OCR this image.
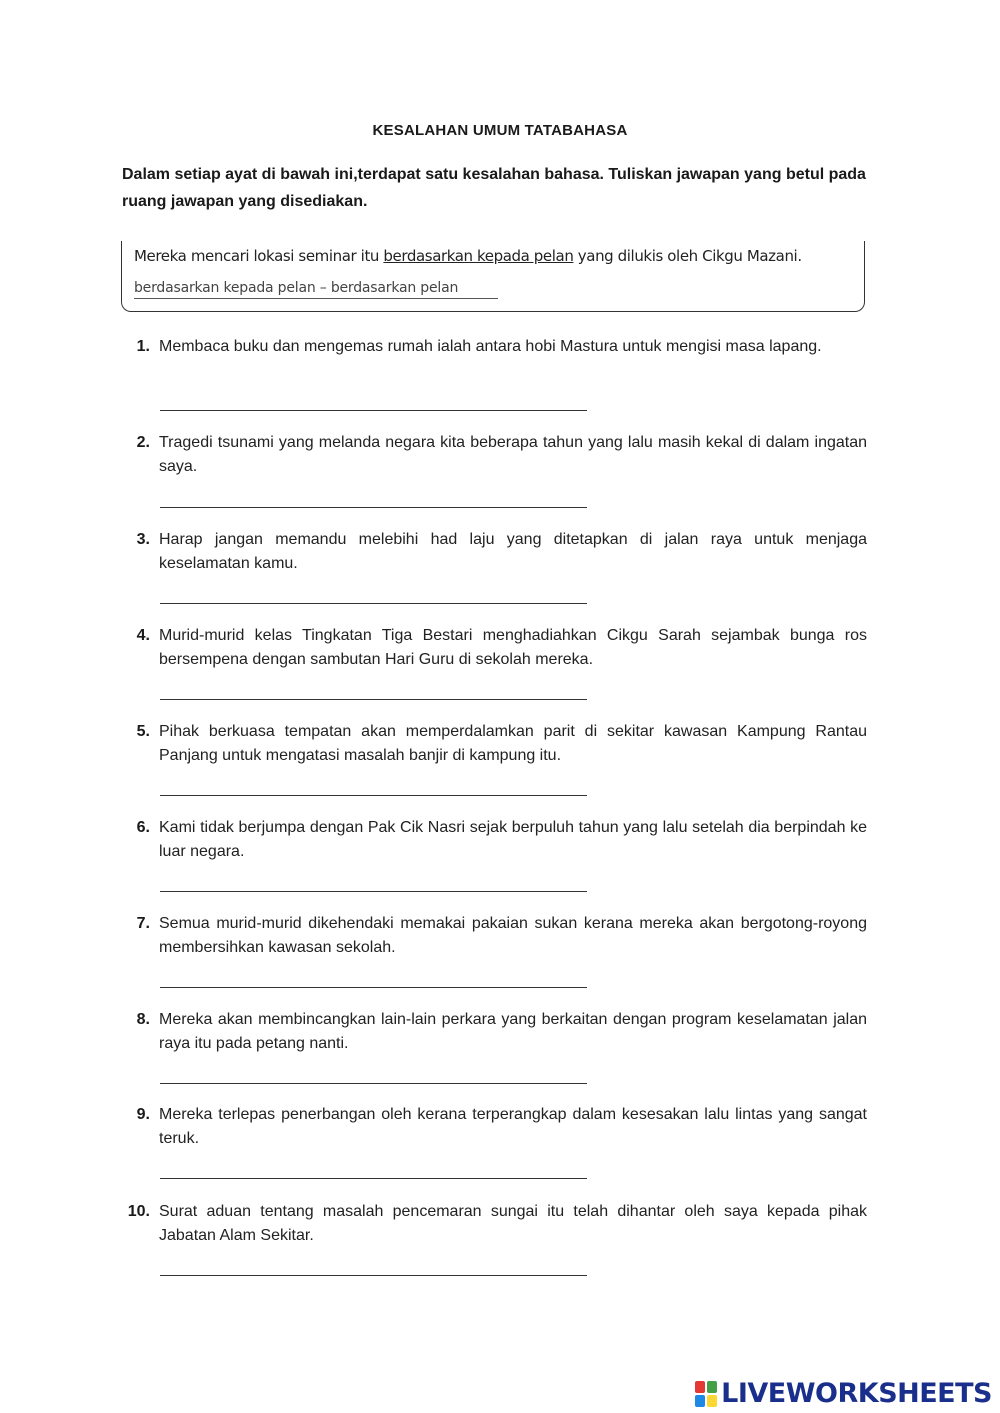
KESALAHAN UMUM TATABAHASA
Dalam setiap ayat di bawah ini,terdapat satu kesalahan bahasa. Tuliskan jawapan yang betul pada ruang jawapan yang disediakan.
Mereka mencari lokasi seminar itu berdasarkan kepada pelan yang dilukis oleh Cikgu Mazani.
berdasarkan kepada pelan – berdasarkan pelan
1. Membaca buku dan mengemas rumah ialah antara hobi Mastura untuk mengisi masa lapang.
2. Tragedi tsunami yang melanda negara kita beberapa tahun yang lalu masih kekal di dalam ingatan saya.
3. Harap jangan memandu melebihi had laju yang ditetapkan di jalan raya untuk menjaga keselamatan kamu.
4. Murid-murid kelas Tingkatan Tiga Bestari menghadiahkan Cikgu Sarah sejambak bunga ros bersempena dengan sambutan Hari Guru di sekolah mereka.
5. Pihak berkuasa tempatan akan memperdalamkan parit di sekitar kawasan Kampung Rantau Panjang untuk mengatasi masalah banjir di kampung itu.
6. Kami tidak berjumpa dengan Pak Cik Nasri sejak berpuluh tahun yang lalu setelah dia berpindah ke luar negara.
7. Semua murid-murid dikehendaki memakai pakaian sukan kerana mereka akan bergotong-royong membersihkan kawasan sekolah.
8. Mereka akan membincangkan lain-lain perkara yang berkaitan dengan program keselamatan jalan raya itu pada petang nanti.
9. Mereka terlepas penerbangan oleh kerana terperangkap dalam kesesakan lalu lintas yang sangat teruk.
10. Surat aduan tentang masalah pencemaran sungai itu telah dihantar oleh saya kepada pihak Jabatan Alam Sekitar.
LIVEWORKSHEETS
